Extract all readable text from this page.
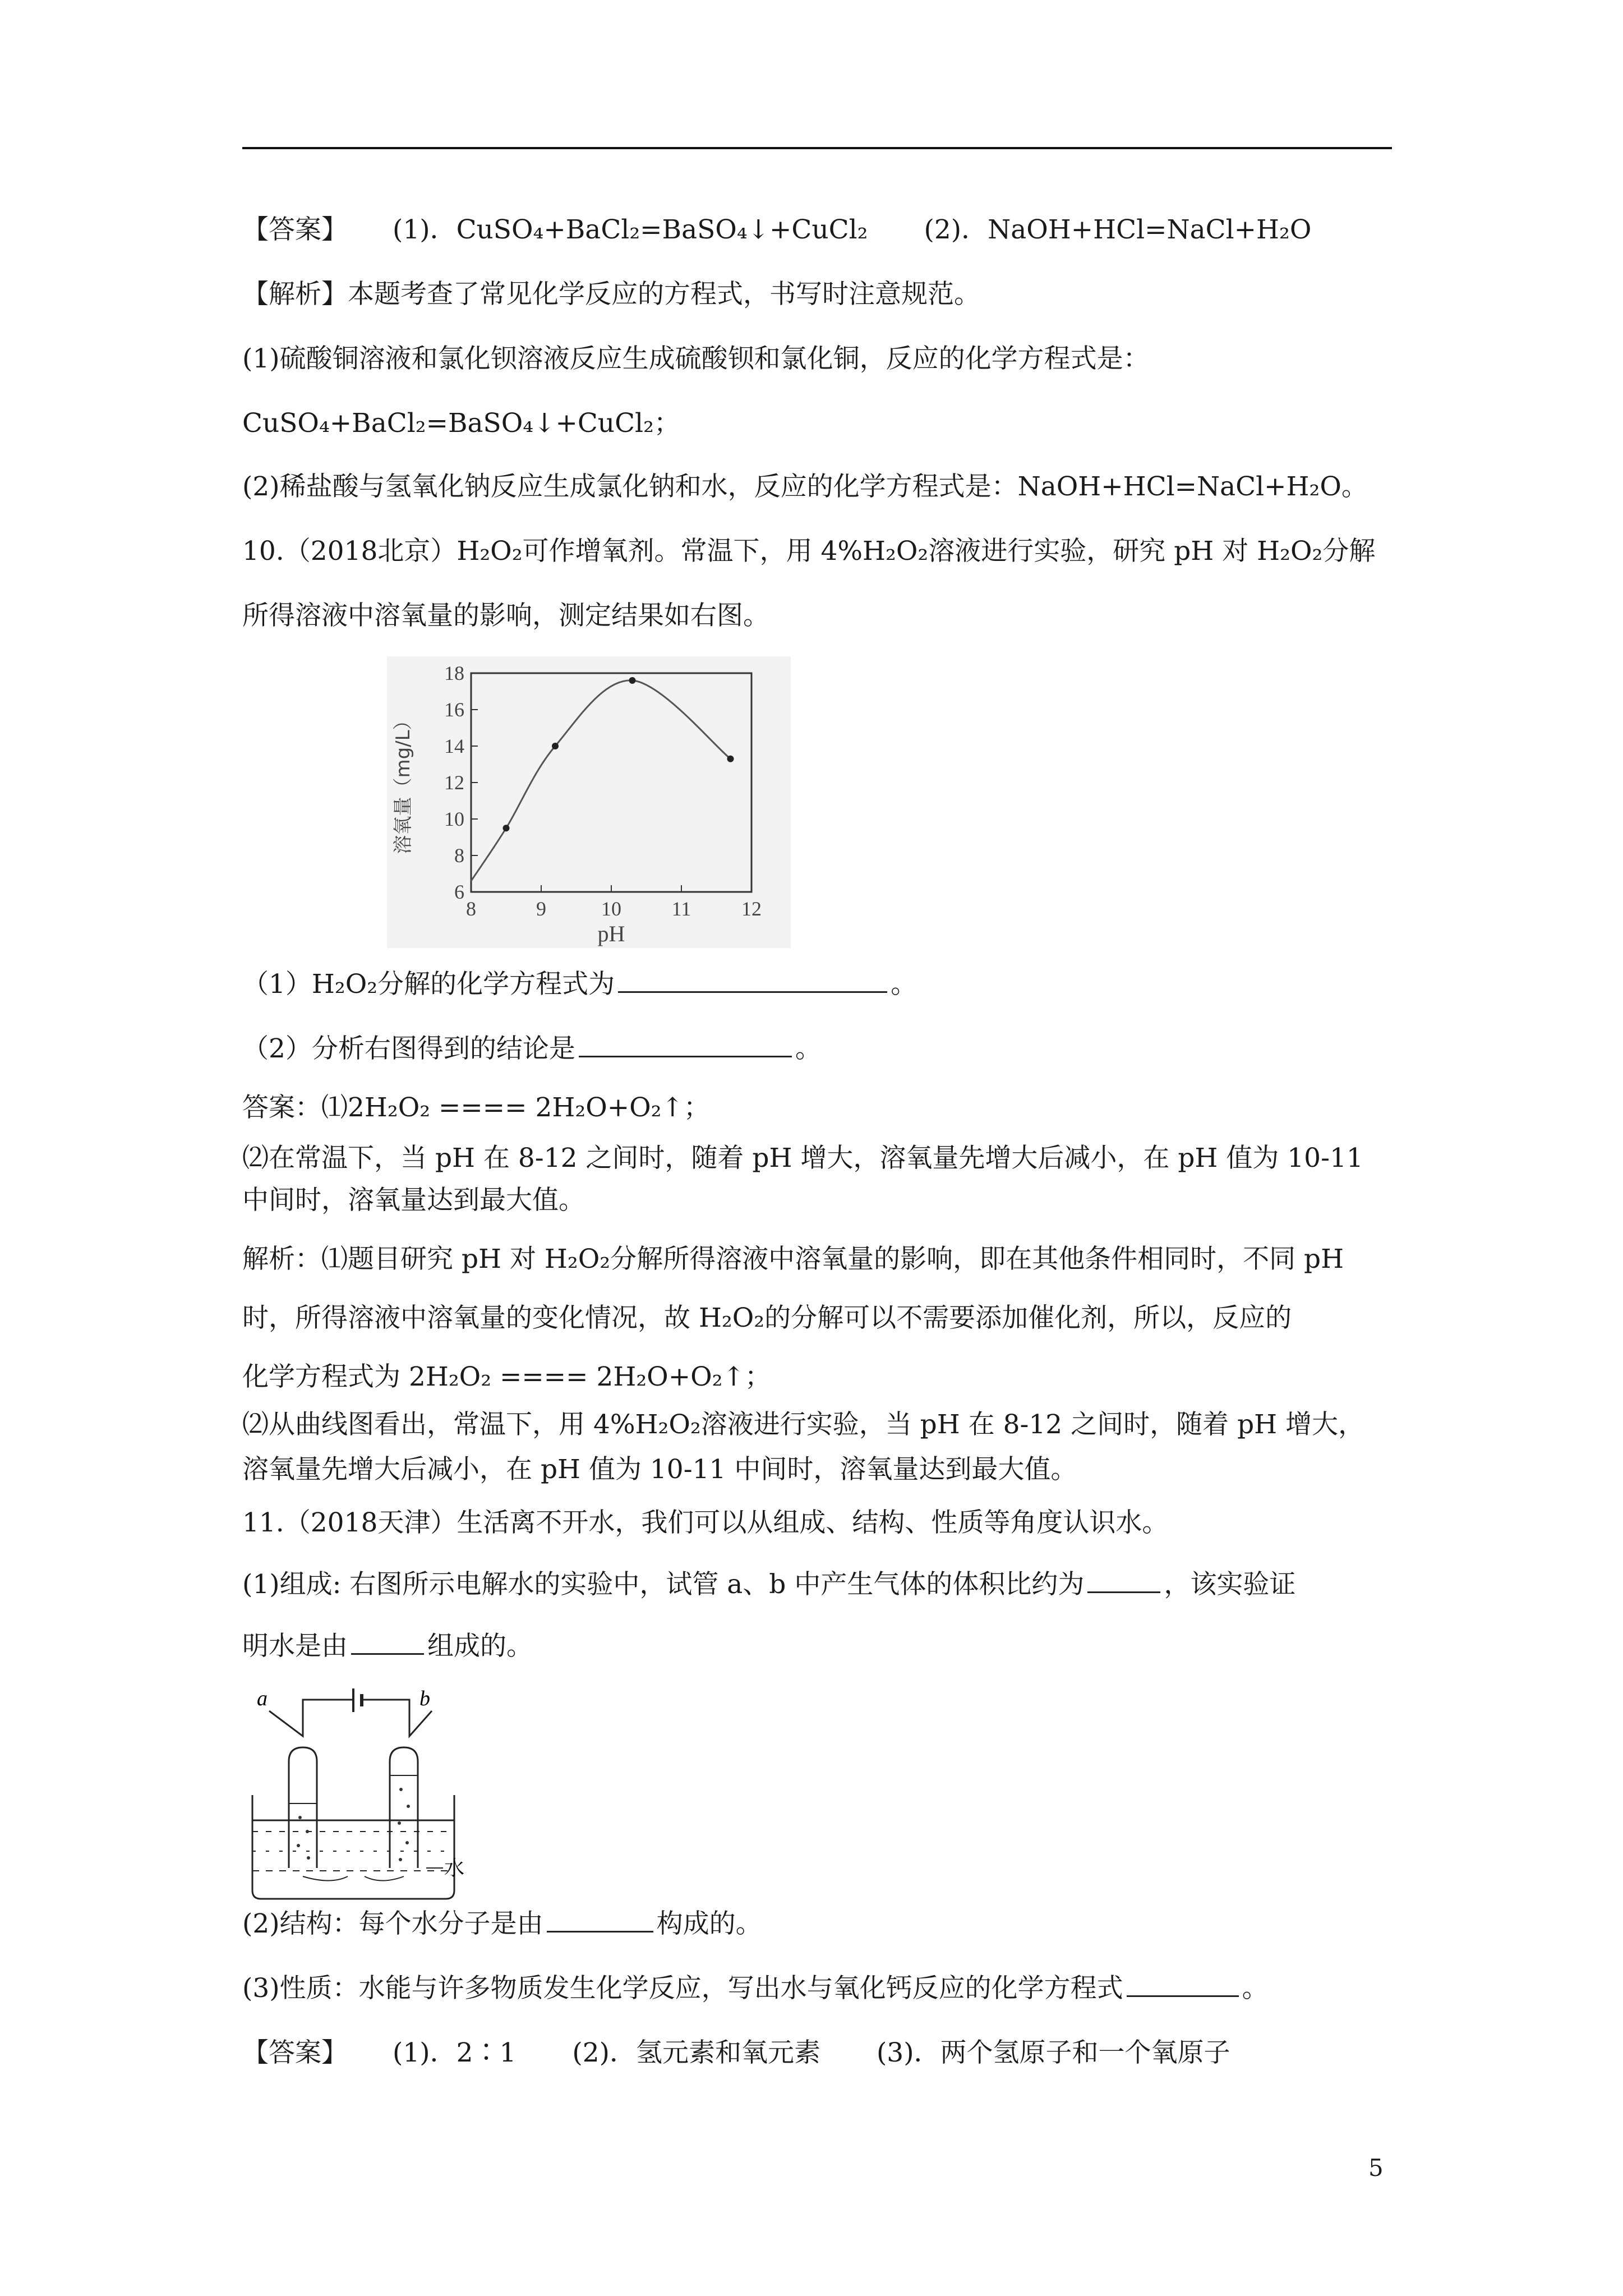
【答案】 (1)．CuSO₄+BaCl₂=BaSO₄↓+CuCl₂ (2)．NaOH+HCl=NaCl+H₂O
【解析】本题考查了常见化学反应的方程式，书写时注意规范。
(1)硫酸铜溶液和氯化钡溶液反应生成硫酸钡和氯化铜，反应的化学方程式是：
CuSO₄+BaCl₂=BaSO₄↓+CuCl₂；
(2)稀盐酸与氢氧化钠反应生成氯化钠和水，反应的化学方程式是：NaOH+HCl=NaCl+H₂O。
10.（2018北京）H₂O₂可作增氧剂。常温下，用 4%H₂O₂溶液进行实验，研究 pH 对 H₂O₂分解
所得溶液中溶氧量的影响，测定结果如右图。
8	9	10 11 12
6
8
10
12
14
16
18
pH
溶氧量（mg/L）
（1）H₂O₂分解的化学方程式为	。
（2）分析右图得到的结论是	。
答案：⑴2H₂O₂ ==== 2H₂O+O₂↑；
⑵在常温下，当 pH 在 8-12 之间时，随着 pH 增大，溶氧量先增大后减小，在 pH 值为 10-11
中间时，溶氧量达到最大值。
解析：⑴题目研究 pH 对 H₂O₂分解所得溶液中溶氧量的影响，即在其他条件相同时，不同 pH
时，所得溶液中溶氧量的变化情况，故 H₂O₂的分解可以不需要添加催化剂，所以，反应的
化学方程式为 2H₂O₂ ==== 2H₂O+O₂↑；
⑵从曲线图看出，常温下，用 4%H₂O₂溶液进行实验，当 pH 在 8-12 之间时，随着 pH 增大，
溶氧量先增大后减小，在 pH 值为 10-11 中间时，溶氧量达到最大值。
11.（2018天津）生活离不开水，我们可以从组成、结构、性质等角度认识水。
(1)组成: 右图所示电解水的实验中，试管 a、b 中产生气体的体积比约为	，该实验证
明水是由	组成的。
a	b
水
(2)结构：每个水分子是由	构成的。
(3)性质：水能与许多物质发生化学反应，写出水与氧化钙反应的化学方程式	。
【答案】 (1)．2∶1 (2)．氢元素和氧元素 (3)．两个氢原子和一个氧原子
5
